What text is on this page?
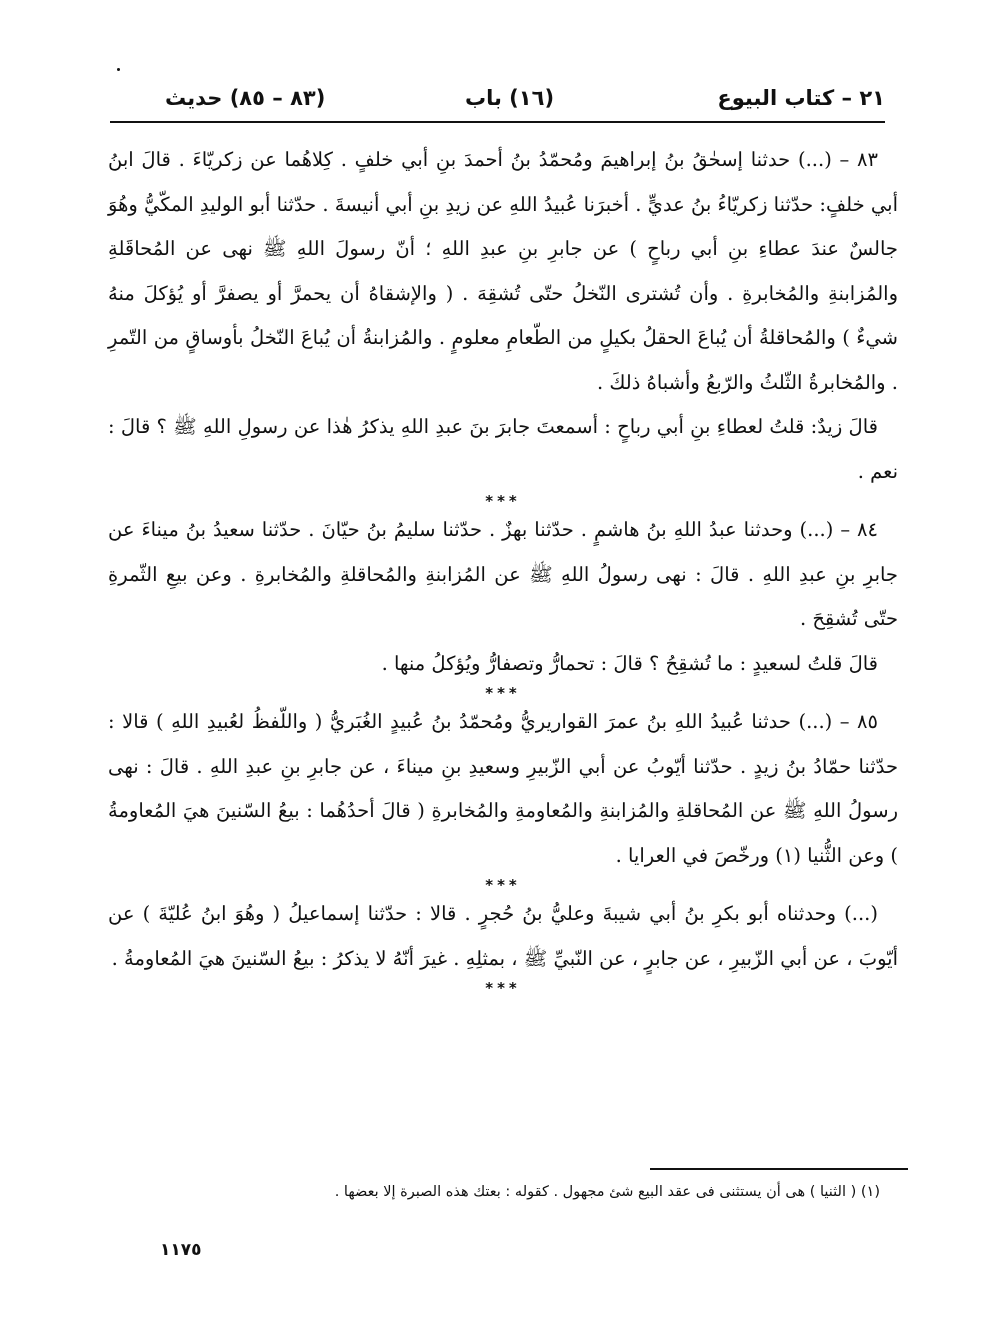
٢١ – كتاب البيوع
(١٦) باب
(٨٣ – ٨٥) حديث

٨٣ – (...) حدثنا إسحٰقُ بنُ إبراهيمَ ومُحمّدُ بنُ أحمدَ بنِ أبي خلفٍ . كِلاهُما عن زكريّاءَ . قالَ ابنُ أبي خلفٍ: حدّثنا زكريّاءُ بنُ عديٍّ . أخبرَنا عُبيدُ اللهِ عن زيدِ بنِ أبي أنيسةَ . حدّثنا أبو الوليدِ المكّيُّ وهُوَ جالسٌ عندَ عطاءِ بنِ أبي رباحٍ ) عن جابرِ بنِ عبدِ اللهِ ؛ أنّ رسولَ اللهِ ﷺ نهى عن المُحاقَلةِ والمُزابنةِ والمُخابرةِ . وأن تُشترى النّخلُ حتّى تُشقِهَ . ( والإشقاهُ أن يحمرَّ أو يصفرَّ أو يُؤكلَ منهُ شيءٌ ) والمُحاقلةُ أن يُباعَ الحقلُ بكيلٍ من الطّعامِ معلومٍ . والمُزابنةُ أن يُباعَ النّخلُ بأوساقٍ من التّمرِ . والمُخابرةُ الثّلثُ والرّبعُ وأشباهُ ذلكَ .

قالَ زيدٌ: قلتُ لعطاءِ بنِ أبي رباحٍ : أسمعتَ جابرَ بنَ عبدِ اللهِ يذكرُ هٰذا عن رسولِ اللهِ ﷺ ؟ قالَ : نعم .

***

٨٤ – (...) وحدثنا عبدُ اللهِ بنُ هاشمٍ . حدّثنا بهزٌ . حدّثنا سليمُ بنُ حيّانَ . حدّثنا سعيدُ بنُ ميناءَ عن جابرِ بنِ عبدِ اللهِ . قالَ : نهى رسولُ اللهِ ﷺ عن المُزابنةِ والمُحاقلةِ والمُخابرةِ . وعن بيعِ الثّمرةِ حتّى تُشقِحَ .

قالَ قلتُ لسعيدٍ : ما تُشقِحُ ؟ قالَ : تحمارُّ وتصفارُّ ويُؤكلُ منها .

***

٨٥ – (...) حدثنا عُبيدُ اللهِ بنُ عمرَ القواريريُّ ومُحمّدُ بنُ عُبيدٍ الغُبَريُّ ( واللّفظُ لعُبيدِ اللهِ ) قالا : حدّثنا حمّادُ بنُ زيدٍ . حدّثنا أيّوبُ عن أبي الزّبيرِ وسعيدِ بنِ ميناءَ ، عن جابرِ بنِ عبدِ اللهِ . قالَ : نهى رسولُ اللهِ ﷺ عن المُحاقلةِ والمُزابنةِ والمُعاومةِ والمُخابرةِ ( قالَ أحدُهُما : بيعُ السّنينَ هيَ المُعاومةُ ) وعن الثُّنيا (١) ورخّصَ في العرايا .

***

(...) وحدثناه أبو بكرِ بنُ أبي شيبةَ وعليُّ بنُ حُجرٍ . قالا : حدّثنا إسماعيلُ ( وهُوَ ابنُ عُليّةَ ) عن أيّوبَ ، عن أبي الزّبيرِ ، عن جابرٍ ، عن النّبيِّ ﷺ ، بمثلِهِ . غيرَ أنّهُ لا يذكرُ : بيعُ السّنينَ هيَ المُعاومةُ .

***

(١) ( الثنيا ) هى أن يستثنى فى عقد البيع شئ مجهول . كقوله : بعتك هذه الصبرة إلا بعضها .
١١٧٥
